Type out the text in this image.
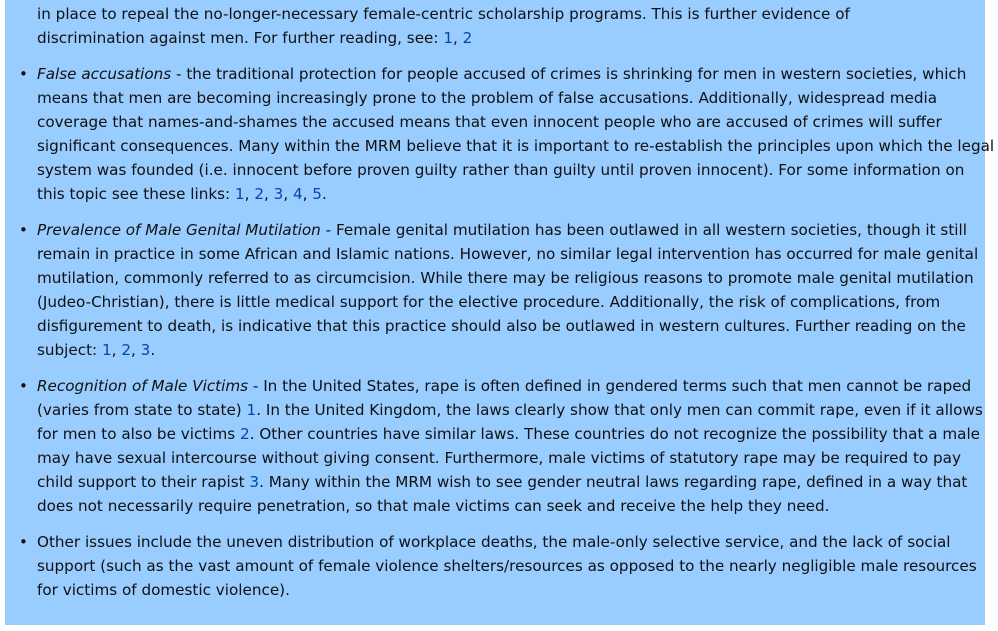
in place to repeal the no-longer-necessary female-centric scholarship programs. This is further evidence of
discrimination against men. For further reading, see: 1, 2

• False accusations - the traditional protection for people accused of crimes is shrinking for men in western societies, which means that men are becoming increasingly prone to the problem of false accusations. Additionally, widespread media coverage that names-and-shames the accused means that even innocent people who are accused of crimes will suffer significant consequences. Many within the MRM believe that it is important to re-establish the principles upon which the legal system was founded (i.e. innocent before proven guilty rather than guilty until proven innocent). For some information on this topic see these links: 1, 2, 3, 4, 5.
• Prevalence of Male Genital Mutilation - Female genital mutilation has been outlawed in all western societies, though it still remain in practice in some African and Islamic nations. However, no similar legal intervention has occurred for male genital mutilation, commonly referred to as circumcision. While there may be religious reasons to promote male genital mutilation (Judeo-Christian), there is little medical support for the elective procedure. Additionally, the risk of complications, from disfigurement to death, is indicative that this practice should also be outlawed in western cultures. Further reading on the subject: 1, 2, 3.
• Recognition of Male Victims - In the United States, rape is often defined in gendered terms such that men cannot be raped (varies from state to state) 1. In the United Kingdom, the laws clearly show that only men can commit rape, even if it allows for men to also be victims 2. Other countries have similar laws. These countries do not recognize the possibility that a male may have sexual intercourse without giving consent. Furthermore, male victims of statutory rape may be required to pay child support to their rapist 3. Many within the MRM wish to see gender neutral laws regarding rape, defined in a way that does not necessarily require penetration, so that male victims can seek and receive the help they need.
• Other issues include the uneven distribution of workplace deaths, the male-only selective service, and the lack of social support (such as the vast amount of female violence shelters/resources as opposed to the nearly negligible male resources for victims of domestic violence).
